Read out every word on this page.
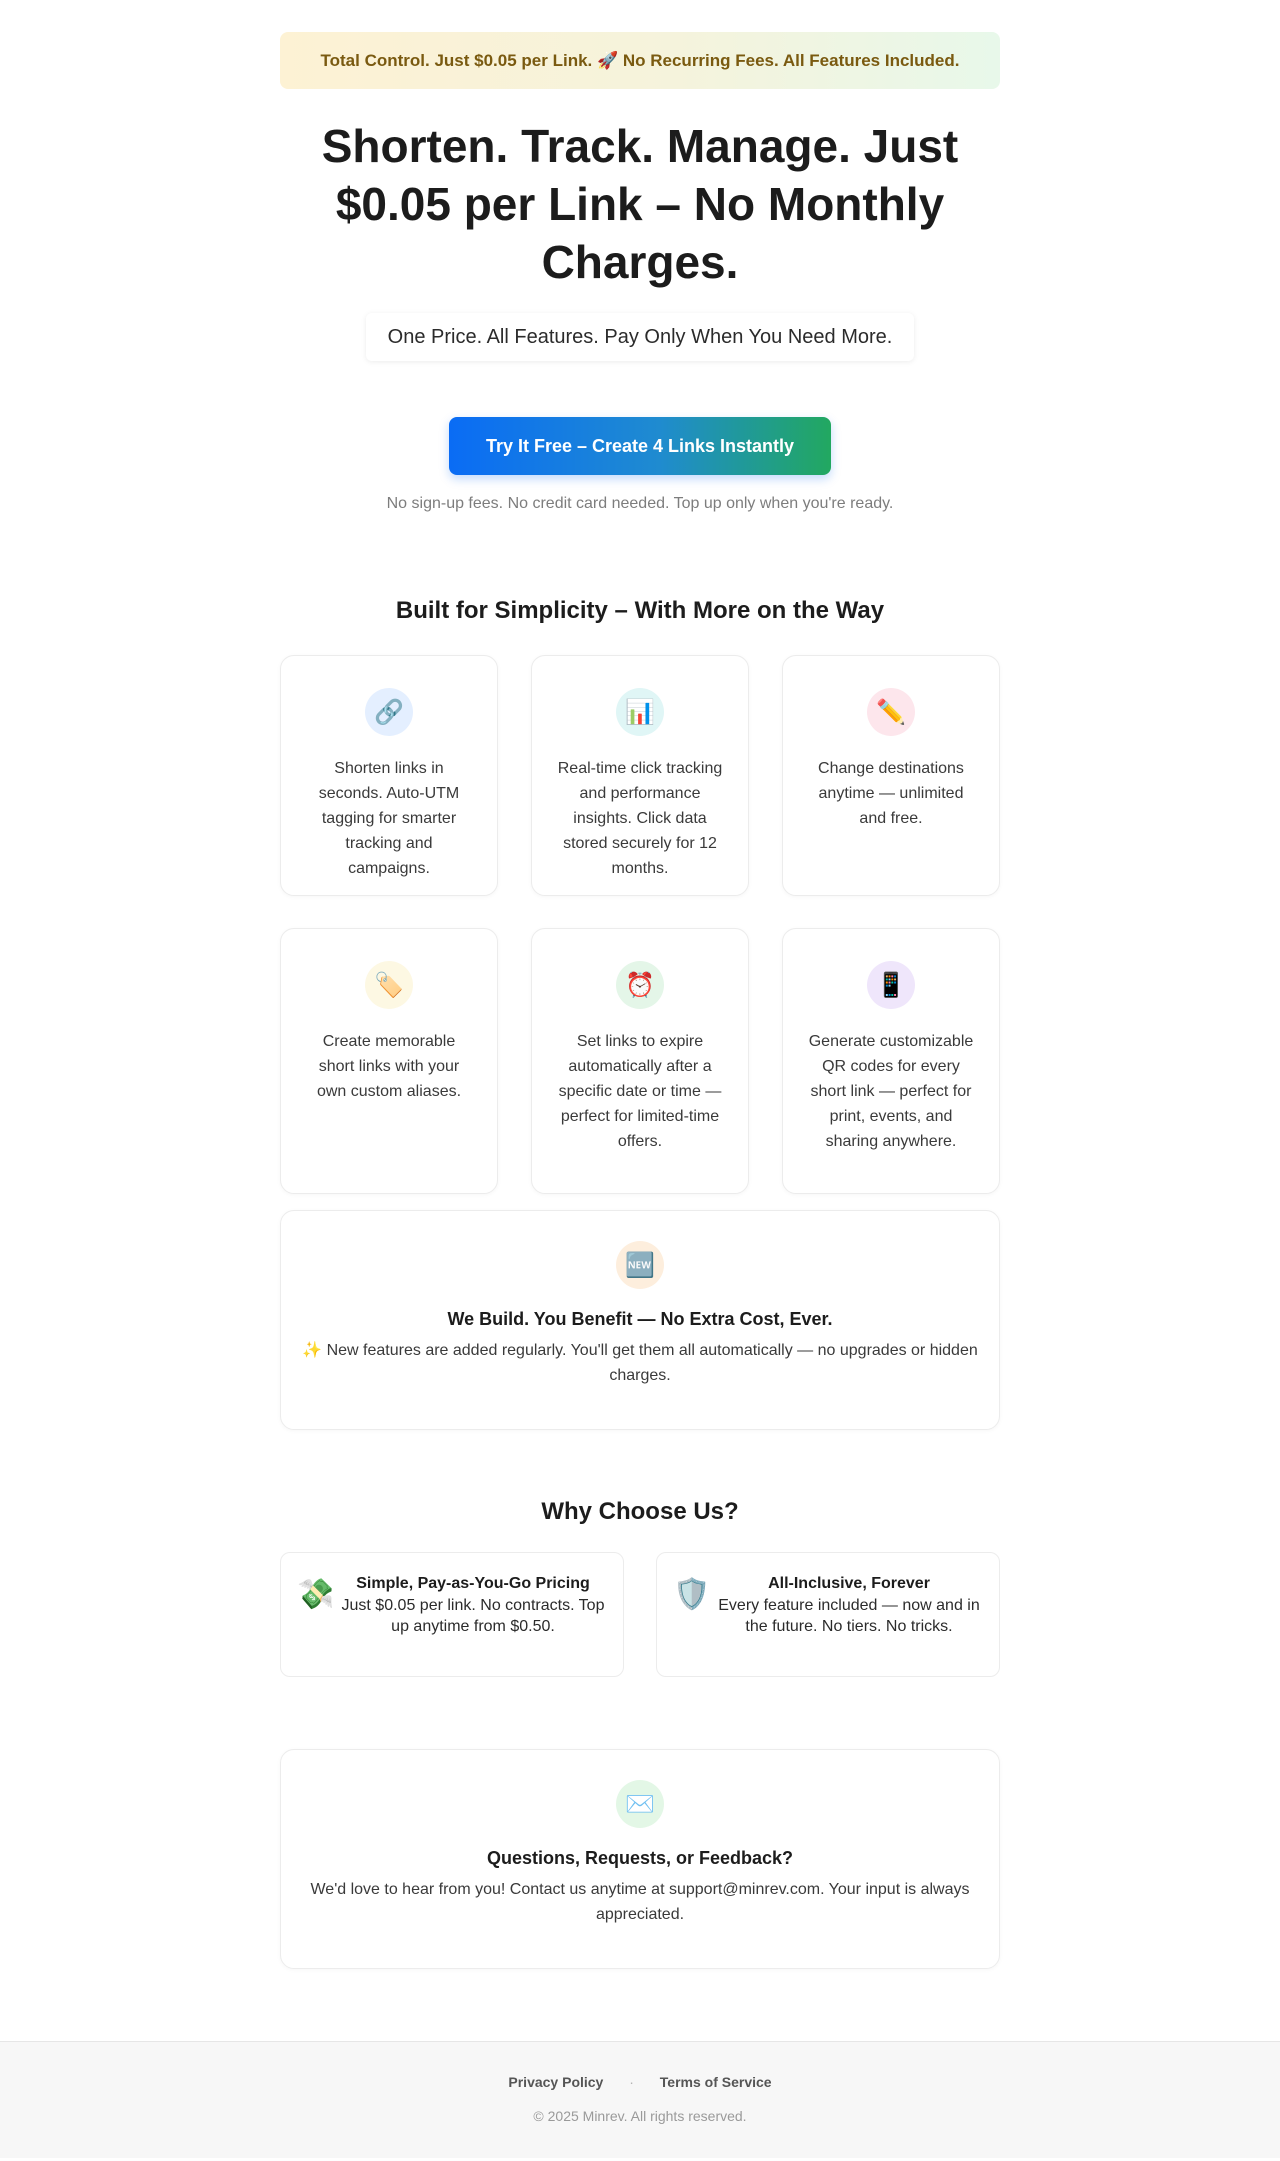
Total Control. Just $0.05 per Link. 🚀 No Recurring Fees. All Features Included.
Shorten. Track. Manage. Just $0.05 per Link – No Monthly Charges.
One Price. All Features. Pay Only When You Need More.
Try It Free – Create 4 Links Instantly

No sign-up fees. No credit card needed. Top up only when you're ready.

Built for Simplicity – With More on the Way
🔗

Shorten links in seconds. Auto-UTM tagging for smarter tracking and campaigns.

📊

Real-time click tracking and performance insights. Click data stored securely for 12 months.

✏️

Change destinations anytime — unlimited and free.

🏷️

Create memorable short links with your own custom aliases.

⏰

Set links to expire automatically after a specific date or time — perfect for limited-time offers.

📱

Generate customizable QR codes for every short link — perfect for print, events, and sharing anywhere.

🆕
We Build. You Benefit — No Extra Cost, Ever.

✨ New features are added regularly. You'll get them all automatically — no upgrades or hidden charges.

Why Choose Us?
💸	Simple, Pay-as-You-Go Pricing
Just $0.05 per link. No contracts. Top up anytime from $0.50.
🛡️	All-Inclusive, Forever
Every feature included — now and in the future. No tiers. No tricks.
✉️
Questions, Requests, or Feedback?

We'd love to hear from you! Contact us anytime at support@minrev.com. Your input is always appreciated.

Privacy Policy · Terms of Service
© 2025 Minrev. All rights reserved.
